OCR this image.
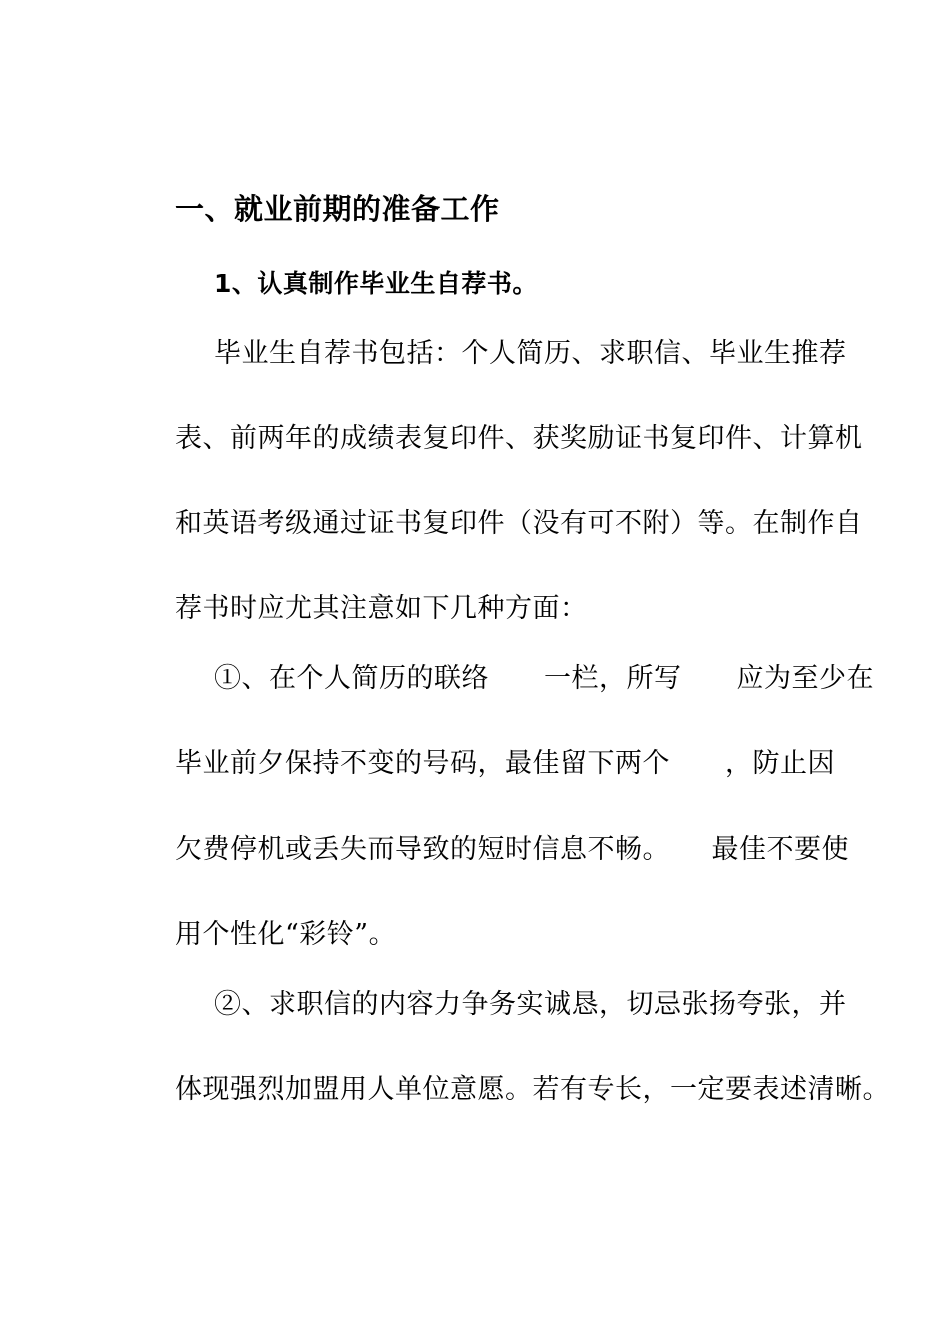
一、就业前期的准备工作
1、认真制作毕业生自荐书。
毕业生自荐书包括：个人简历、求职信、毕业生推荐
表、前两年的成绩表复印件、获奖励证书复印件、计算机
和英语考级通过证书复印件（没有可不附）等。在制作自
荐书时应尤其注意如下几种方面：
①、在个人简历的联络　　一栏，所写　　应为至少在
毕业前夕保持不变的号码，最佳留下两个　　，防止因
欠费停机或丢失而导致的短时信息不畅。　　最佳不要使
用个性化“彩铃”。
②、求职信的内容力争务实诚恳，切忌张扬夸张，并
体现强烈加盟用人单位意愿。若有专长，一定要表述清晰。
